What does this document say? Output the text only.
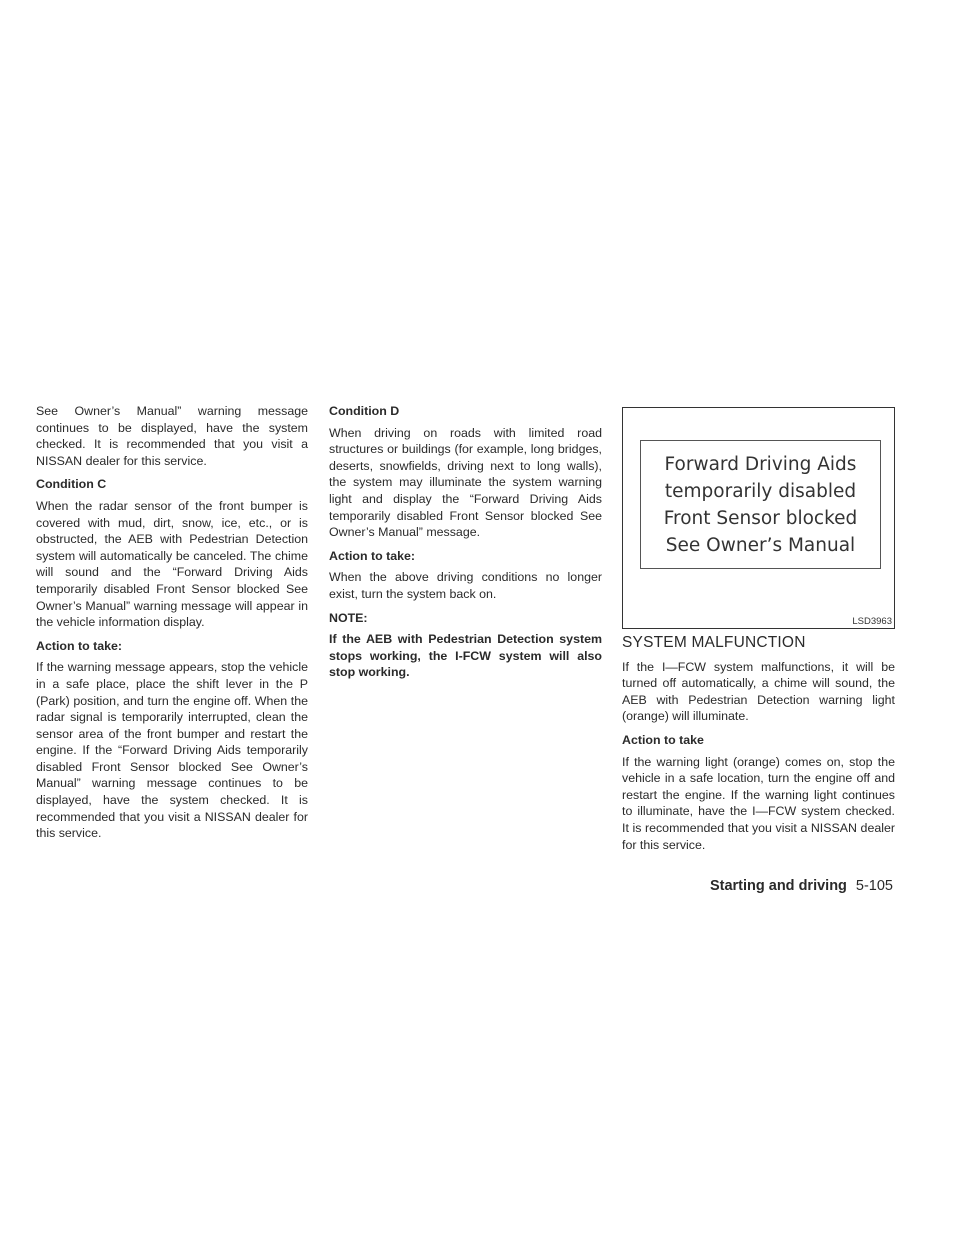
See Owner’s Manual” warning message continues to be displayed, have the system checked. It is recommended that you visit a NISSAN dealer for this service.

Condition C

When the radar sensor of the front bumper is covered with mud, dirt, snow, ice, etc., or is obstructed, the AEB with Pedestrian Detection system will automatically be canceled. The chime will sound and the “Forward Driving Aids temporarily disabled Front Sensor blocked See Owner’s Manual” warning message will appear in the vehicle information display.

Action to take:

If the warning message appears, stop the vehicle in a safe place, place the shift lever in the P (Park) position, and turn the engine off. When the radar signal is temporarily interrupted, clean the sensor area of the front bumper and restart the engine. If the “Forward Driving Aids temporarily disabled Front Sensor blocked See Owner’s Manual” warning message continues to be displayed, have the system checked. It is recommended that you visit a NISSAN dealer for this service.

Condition D

When driving on roads with limited road structures or buildings (for example, long bridges, deserts, snowfields, driving next to long walls), the system may illuminate the system warning light and display the “Forward Driving Aids temporarily disabled Front Sensor blocked See Owner’s Manual” message.

Action to take:

When the above driving conditions no longer exist, turn the system back on.

NOTE:

If the AEB with Pedestrian Detection system stops working, the I-FCW system will also stop working.

Forward Driving Aids
temporarily disabled
Front Sensor blocked
See Owner’s Manual
LSD3963
SYSTEM MALFUNCTION

If the I—FCW system malfunctions, it will be turned off automatically, a chime will sound, the AEB with Pedestrian Detection warning light (orange) will illuminate.

Action to take

If the warning light (orange) comes on, stop the vehicle in a safe location, turn the engine off and restart the engine. If the warning light continues to illuminate, have the I—FCW system checked. It is recommended that you visit a NISSAN dealer for this service.

Starting and driving 5-105
